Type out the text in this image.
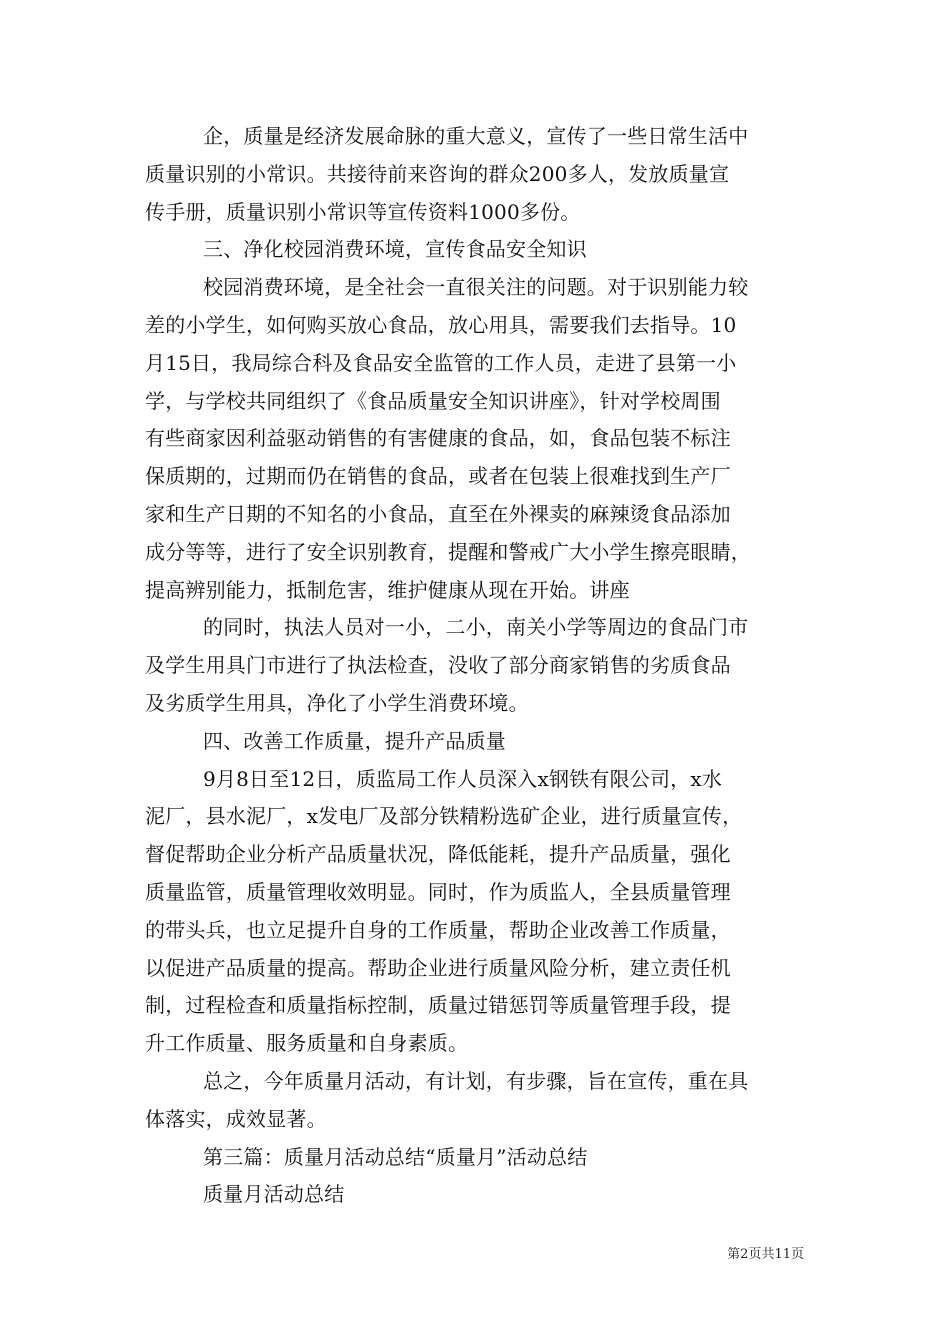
企，质量是经济发展命脉的重大意义，宣传了一些日常生活中
质量识别的小常识。共接待前来咨询的群众200多人，发放质量宣
传手册，质量识别小常识等宣传资料1000多份。
三、净化校园消费环境，宣传食品安全知识
校园消费环境，是全社会一直很关注的问题。对于识别能力较
差的小学生，如何购买放心食品，放心用具，需要我们去指导。10
月15日，我局综合科及食品安全监管的工作人员，走进了县第一小
学，与学校共同组织了《食品质量安全知识讲座》，针对学校周围
有些商家因利益驱动销售的有害健康的食品，如，食品包装不标注
保质期的，过期而仍在销售的食品，或者在包装上很难找到生产厂
家和生产日期的不知名的小食品，直至在外裸卖的麻辣烫食品添加
成分等等，进行了安全识别教育，提醒和警戒广大小学生擦亮眼睛，
提高辨别能力，抵制危害，维护健康从现在开始。讲座
的同时，执法人员对一小，二小，南关小学等周边的食品门市
及学生用具门市进行了执法检查，没收了部分商家销售的劣质食品
及劣质学生用具，净化了小学生消费环境。
四、改善工作质量，提升产品质量
9月8日至12日，质监局工作人员深入x钢铁有限公司，x水
泥厂，县水泥厂，x发电厂及部分铁精粉选矿企业，进行质量宣传，
督促帮助企业分析产品质量状况，降低能耗，提升产品质量，强化
质量监管，质量管理收效明显。同时，作为质监人，全县质量管理
的带头兵，也立足提升自身的工作质量，帮助企业改善工作质量，
以促进产品质量的提高。帮助企业进行质量风险分析，建立责任机
制，过程检查和质量指标控制，质量过错惩罚等质量管理手段，提
升工作质量、服务质量和自身素质。
总之，今年质量月活动，有计划，有步骤，旨在宣传，重在具
体落实，成效显著。
第三篇：质量月活动总结“质量月”活动总结
质量月活动总结
第2页共11页
